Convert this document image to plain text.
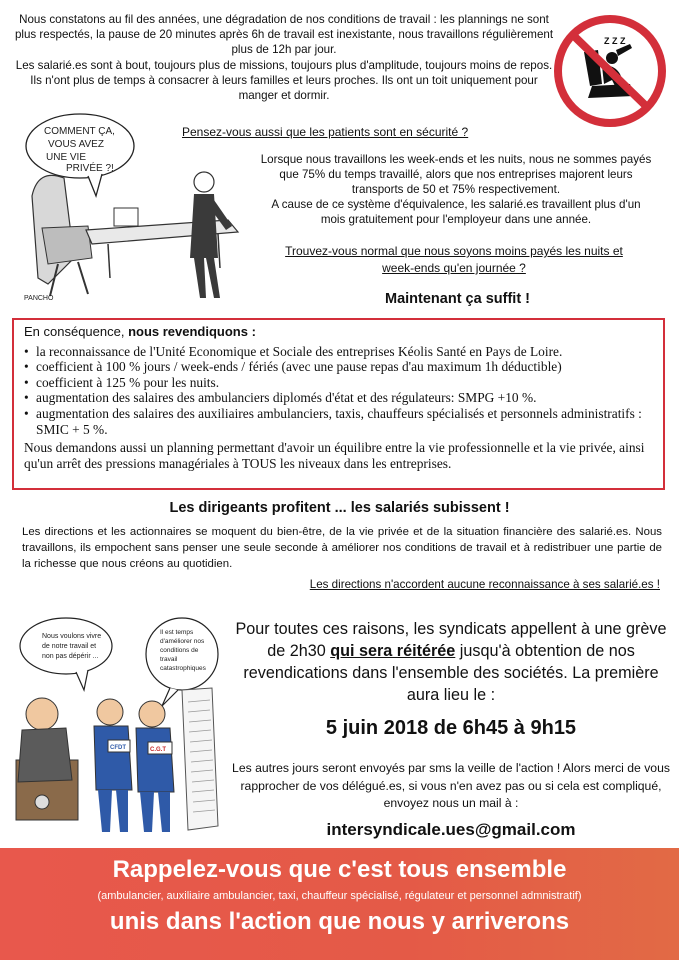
Nous constatons au fil des années, une dégradation de nos conditions de travail : les plannings ne sont plus respectés, la pause de 20 minutes après 6h de travail est inexistante, nous travaillons régulièrement plus de 12h par jour.

Les salarié.es sont à bout, toujours plus de missions, toujours plus d'amplitude, toujours moins de repos. Ils n'ont plus de temps à consacrer à leurs familles et leurs proches. Ils ont un toit uniquement pour manger et dormir.

Z Z Z
COMMENT ÇA, VOUS AVEZ UNE VIE PRIVÉE ?!
PANCHO
Pensez-vous aussi que les patients sont en sécurité ?

Lorsque nous travaillons les week-ends et les nuits, nous ne sommes payés que 75% du temps travaillé, alors que nos entreprises majorent leurs transports de 50 et 75% respectivement.

A cause de ce système d'équivalence, les salarié.es travaillent plus d'un mois gratuitement pour l'employeur dans une année.

Trouvez-vous normal que nous soyons moins payés les nuits et week-ends qu'en journée ?
Maintenant ça suffit !
En conséquence, nous revendiquons :
• la reconnaissance de l'Unité Economique et Sociale des entreprises Kéolis Santé en Pays de Loire.
• coefficient à 100 % jours / week-ends / fériés (avec une pause repas d'au maximum 1h déductible)
• coefficient à 125 % pour les nuits.
• augmentation des salaires des ambulanciers diplomés d'état et des régulateurs: SMPG +10 %.
• augmentation des salaires des auxiliaires ambulanciers, taxis, chauffeurs spécialisés et personnels administratifs : SMIC + 5 %.

Nous demandons aussi un planning permettant d'avoir un équilibre entre la vie professionnelle et la vie privée, ainsi qu'un arrêt des pressions managériales à TOUS les niveaux dans les entreprises.

Les dirigeants profitent ... les salariés subissent !
Les directions et les actionnaires se moquent du bien-être, de la vie privée et de la situation financière des salarié.es. Nous travaillons, ils empochent sans penser une seule seconde à améliorer nos conditions de travail et à redistribuer une partie de la richesse que nous créons au quotidien.
Les directions n'accordent aucune reconnaissance à ses salarié.es !
Nous voulons vivre de notre travail et non pas dépérir ...
Il est temps d'améliorer nos conditions de travail catastrophiques
CFDT	C.G.T
Pour toutes ces raisons, les syndicats appellent à une grève de 2h30 qui sera réitérée jusqu'à obtention de nos revendications dans l'ensemble des sociétés. La première aura lieu le :
5 juin 2018 de 6h45 à 9h15
Les autres jours seront envoyés par sms la veille de l'action ! Alors merci de vous rapprocher de vos délégué.es, si vous n'en avez pas ou si cela est compliqué, envoyez nous un mail à :
intersyndicale.ues@gmail.com
Rappelez-vous que c'est tous ensemble
(ambulancier, auxiliaire ambulancier, taxi, chauffeur spécialisé, régulateur et personnel admnistratif)
unis dans l'action que nous y arriverons
